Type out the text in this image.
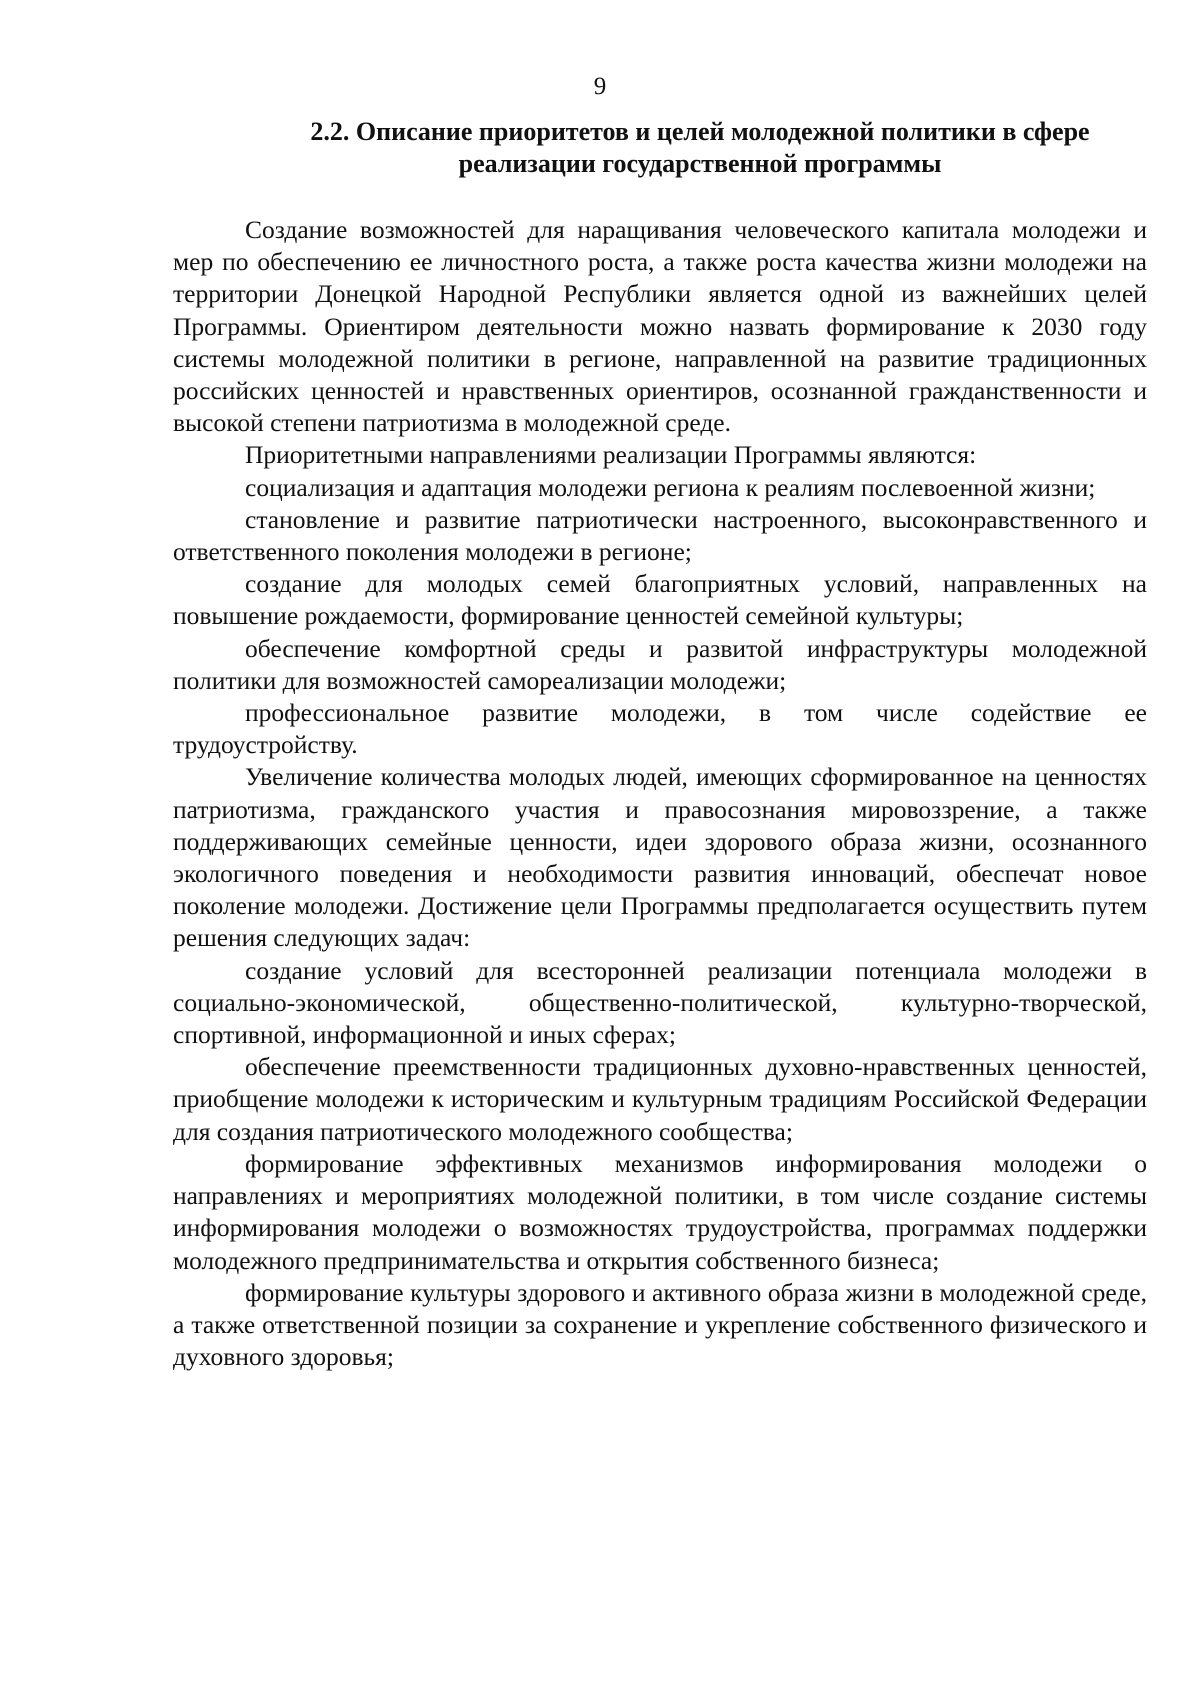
9
2.2. Описание приоритетов и целей молодежной политики в сфере
реализации государственной программы

Создание возможностей для наращивания человеческого капитала молодежи и мер по обеспечению ее личностного роста, а также роста качества жизни молодежи на территории Донецкой Народной Республики является одной из важнейших целей Программы. Ориентиром деятельности можно назвать формирование к 2030 году системы молодежной политики в регионе, направленной на развитие традиционных российских ценностей и нравственных ориентиров, осознанной гражданственности и высокой степени патриотизма в молодежной среде.

Приоритетными направлениями реализации Программы являются:

социализация и адаптация молодежи региона к реалиям послевоенной жизни;

становление и развитие патриотически настроенного, высоконравственного и ответственного поколения молодежи в регионе;

создание для молодых семей благоприятных условий, направленных на повышение рождаемости, формирование ценностей семейной культуры;

обеспечение комфортной среды и развитой инфраструктуры молодежной политики для возможностей самореализации молодежи;

профессиональное развитие молодежи, в том числе содействие ее трудоустройству.

Увеличение количества молодых людей, имеющих сформированное на ценностях патриотизма, гражданского участия и правосознания мировоззрение, а также поддерживающих семейные ценности, идеи здорового образа жизни, осознанного экологичного поведения и необходимости развития инноваций, обеспечат новое поколение молодежи. Достижение цели Программы предполагается осуществить путем решения следующих задач:

создание условий для всесторонней реализации потенциала молодежи в социально-экономической, общественно-политической, культурно-творческой, спортивной, информационной и иных сферах;

обеспечение преемственности традиционных духовно-нравственных ценностей, приобщение молодежи к историческим и культурным традициям Российской Федерации для создания патриотического молодежного сообщества;

формирование эффективных механизмов информирования молодежи о направлениях и мероприятиях молодежной политики, в том числе создание системы информирования молодежи о возможностях трудоустройства, программах поддержки молодежного предпринимательства и открытия собственного бизнеса;

формирование культуры здорового и активного образа жизни в молодежной среде, а также ответственной позиции за сохранение и укрепление собственного физического и духовного здоровья;
